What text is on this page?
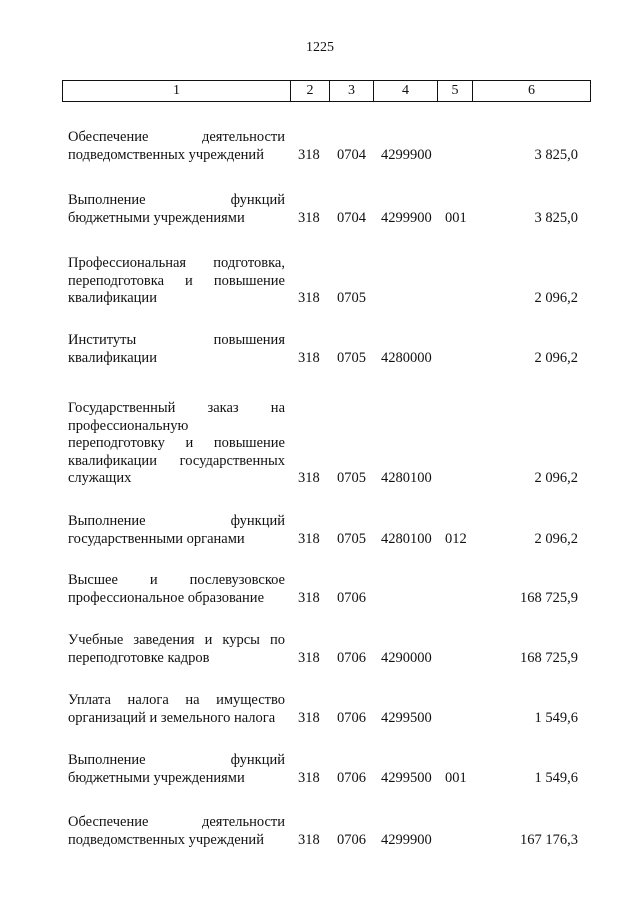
1225
1	2	3	4	5	6
Обеспечение деятельности
подведомственных учреждений	318 0704 4299900	3 825,0
Выполнение функций
бюджетными учреждениями	318 0704 4299900 001	3 825,0
Профессиональная подготовка,
переподготовка и повышение
квалификации	318 0705	2 096,2
Институты повышения
квалификации	318 0705 4280000	2 096,2
Государственный заказ на
профессиональную
переподготовку и повышение
квалификации государственных
служащих	318 0705 4280100	2 096,2
Выполнение функций
государственными органами	318 0705 4280100 012	2 096,2
Высшее и послевузовское
профессиональное образование	318 0706	168 725,9
Учебные заведения и курсы по
переподготовке кадров	318 0706 4290000	168 725,9
Уплата налога на имущество
организаций и земельного налога	318 0706 4299500	1 549,6
Выполнение функций
бюджетными учреждениями	318 0706 4299500 001	1 549,6
Обеспечение деятельности
подведомственных учреждений	318 0706 4299900	167 176,3
